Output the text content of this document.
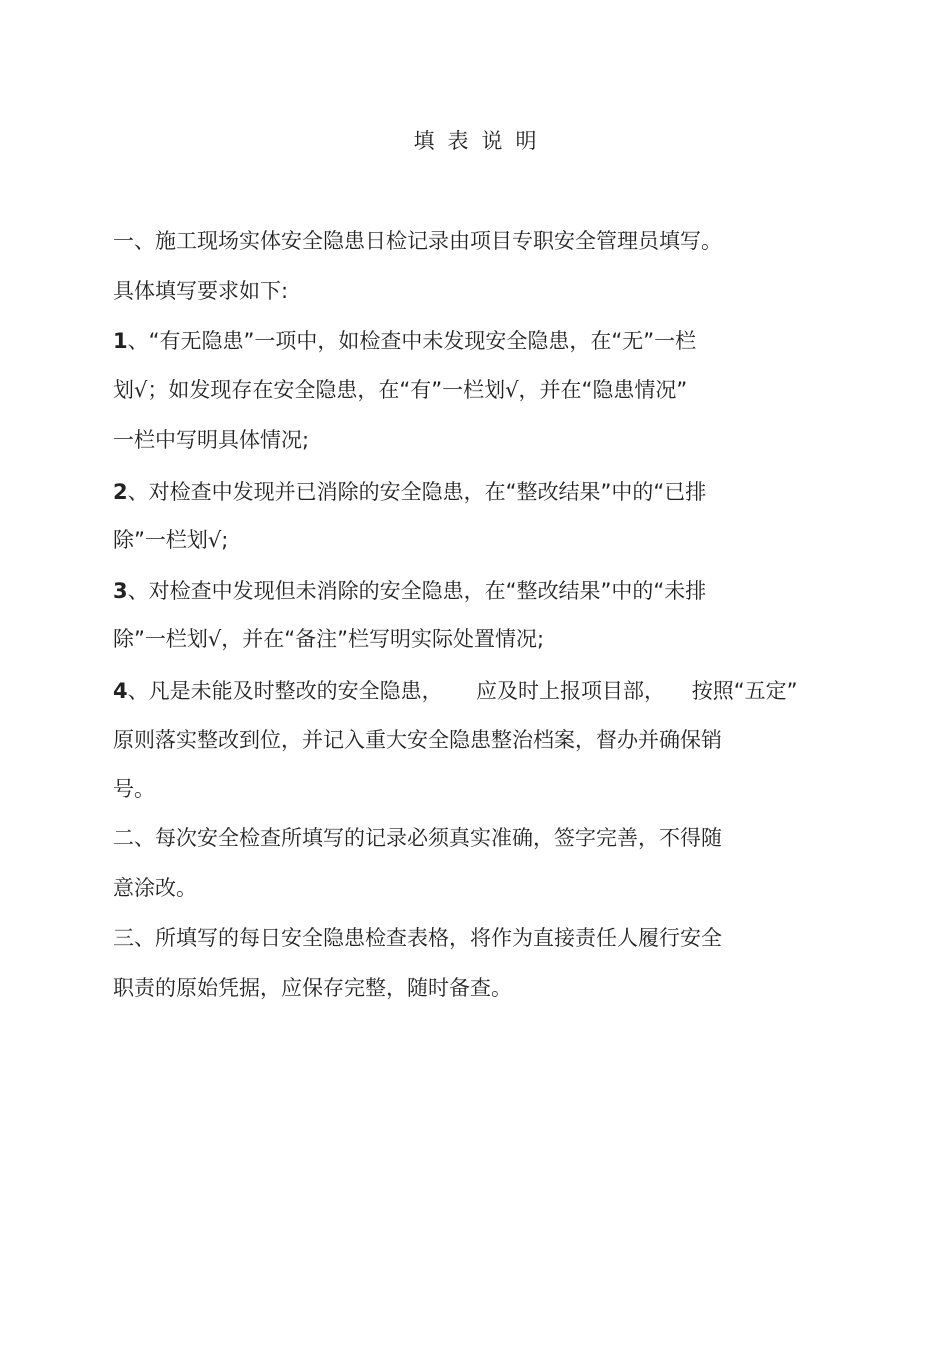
填表说明
一、施工现场实体安全隐患日检记录由项目专职安全管理员填写。
具体填写要求如下:
1、“有无隐患”一项中，如检查中未发现安全隐患，在“无”一栏
划√；如发现存在安全隐患，在“有”一栏划√，并在“隐患情况”
一栏中写明具体情况;
2、对检查中发现并已消除的安全隐患，在“整改结果”中的“已排
除”一栏划√;
3、对检查中发现但未消除的安全隐患，在“整改结果”中的“未排
除”一栏划√，并在“备注”栏写明实际处置情况;
4、凡是未能及时整改的安全隐患，     应及时上报项目部，    按照“五定”
原则落实整改到位，并记入重大安全隐患整治档案，督办并确保销
号。
二、每次安全检查所填写的记录必须真实准确，签字完善，不得随
意涂改。
三、所填写的每日安全隐患检查表格，将作为直接责任人履行安全
职责的原始凭据，应保存完整，随时备查。
